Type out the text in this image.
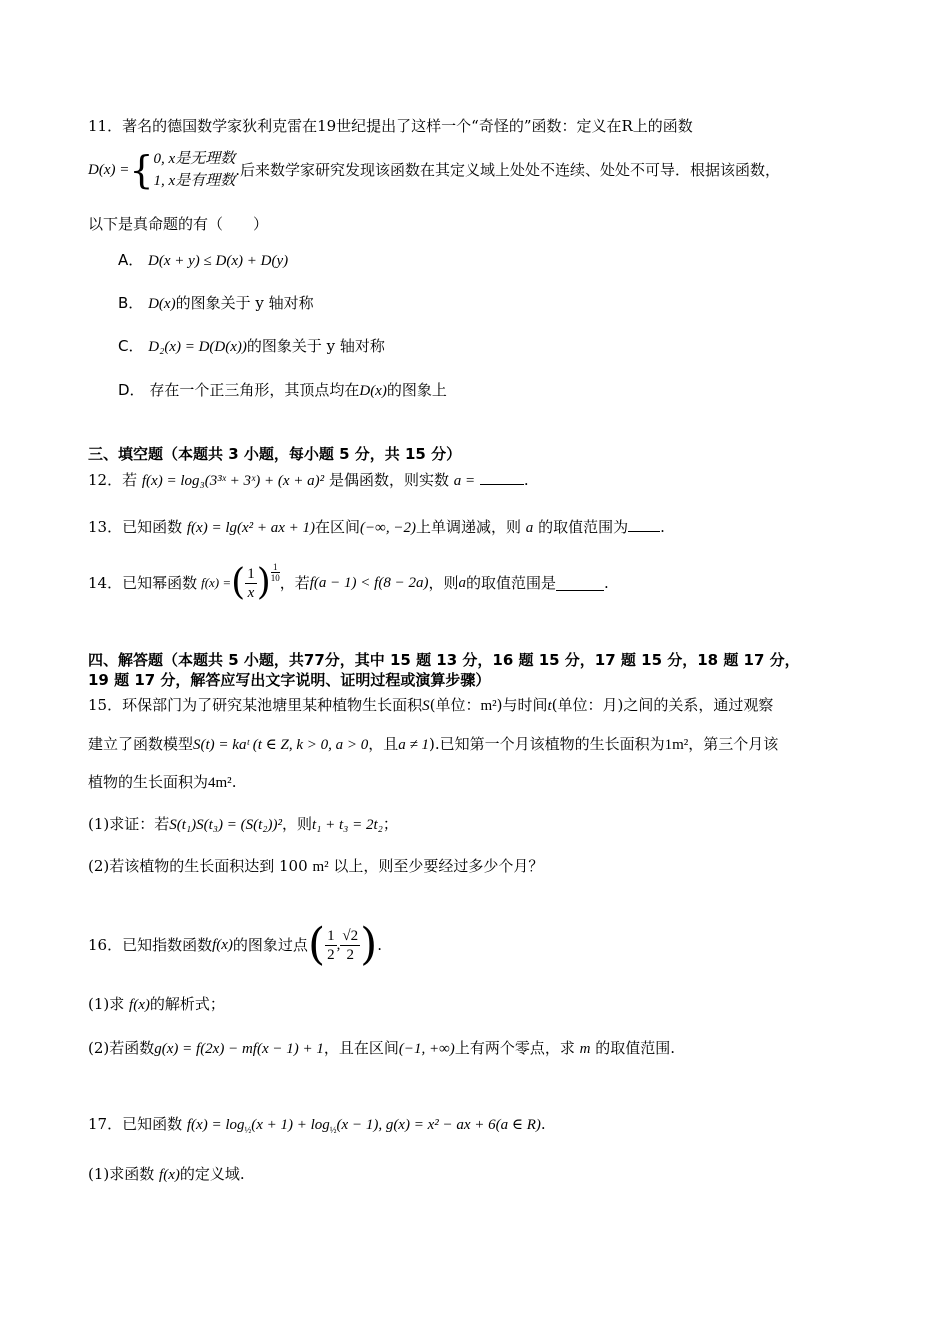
11．著名的德国数学家狄利克雷在19世纪提出了这样一个“奇怪的”函数：定义在R上的函数
D(x) = { 0, x是无理数
1, x是有理数
.后来数学家研究发现该函数在其定义域上处处不连续、处处不可导．根据该函数，
以下是真命题的有（　　）
A． D(x + y) ≤ D(x) + D(y)
B． D(x)的图象关于 y 轴对称
C． D₂(x) = D(D(x))的图象关于 y 轴对称
D． 存在一个正三角形，其顶点均在D(x)的图象上
三、填空题（本题共 3 小题，每小题 5 分，共 15 分）
12．若 f(x) = log₃(3³ˣ + 3ˣ) + (x + a)² 是偶函数，则实数 a =	.
13．已知函数 f(x) = lg(x² + ax + 1)在区间(−∞, −2)上单调递减，则 a 的取值范围为 .
14．已知幂函数 f(x) = ( $\frac{1}{x}$ ) $\frac{1}{10}$ ，若 f(a − 1) < f(8 − 2a) ，则 a 的取值范围是	.
四、解答题（本题共 5 小题，共77分，其中 15 题 13 分，16 题 15 分，17 题 15 分，18 题 17 分，
19 题 17 分，解答应写出文字说明、证明过程或演算步骤）
15．环保部门为了研究某池塘里某种植物生长面积S(单位：m²)与时间t(单位：月)之间的关系，通过观察
建立了函数模型S(t) = kaᵗ (t ∈ Z, k > 0, a > 0，且a ≠ 1).已知第一个月该植物的生长面积为1m²，第三个月该
植物的生长面积为4m².
(1)求证：若S(t₁)S(t₃) = (S(t₂))²，则t₁ + t₃ = 2t₂；
(2)若该植物的生长面积达到 100 m² 以上，则至少要经过多少个月？
16．已知指数函数 f(x) 的图象过点 ( $\frac{1}{2}$ , $\frac{√2}{2}$ ) .
(1)求 f(x)的解析式；
(2)若函数g(x) = f(2x) − mf(x − 1) + 1，且在区间(−1, +∞)上有两个零点，求 m 的取值范围.
17．已知函数 $f(x) = \log_{\frac{1}{2}}(x + 1) + \log_{\frac{1}{2}}(x - 1)$, g(x) = x² − ax + 6(a ∈ R).
(1)求函数 f(x)的定义域.
